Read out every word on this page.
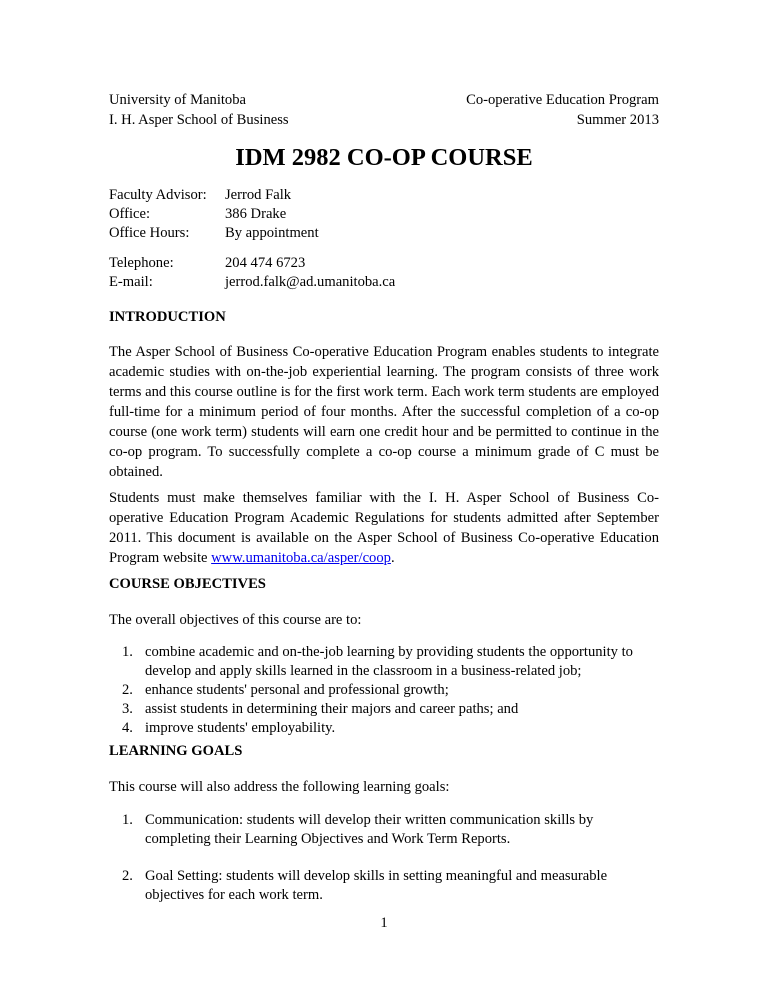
University of Manitoba
I. H. Asper School of Business
Co-operative Education Program
Summer 2013
IDM 2982 CO-OP COURSE
Faculty Advisor:	Jerrod Falk
Office:	386 Drake
Office Hours:	By appointment
Telephone:	204 474 6723
E-mail:	jerrod.falk@ad.umanitoba.ca
INTRODUCTION

The Asper School of Business Co-operative Education Program enables students to integrate academic studies with on-the-job experiential learning. The program consists of three work terms and this course outline is for the first work term. Each work term students are employed full-time for a minimum period of four months. After the successful completion of a co-op course (one work term) students will earn one credit hour and be permitted to continue in the co-op program. To successfully complete a co-op course a minimum grade of C must be obtained.

Students must make themselves familiar with the I. H. Asper School of Business Co-operative Education Program Academic Regulations for students admitted after September 2011. This document is available on the Asper School of Business Co-operative Education Program website www.umanitoba.ca/asper/coop.

COURSE OBJECTIVES
The overall objectives of this course are to:
1. combine academic and on-the-job learning by providing students the opportunity to develop and apply skills learned in the classroom in a business-related job;
2. enhance students' personal and professional growth;
3. assist students in determining their majors and career paths; and
4. improve students' employability.
LEARNING GOALS
This course will also address the following learning goals:
1. Communication: students will develop their written communication skills by completing their Learning Objectives and Work Term Reports.
2. Goal Setting: students will develop skills in setting meaningful and measurable objectives for each work term.
1
